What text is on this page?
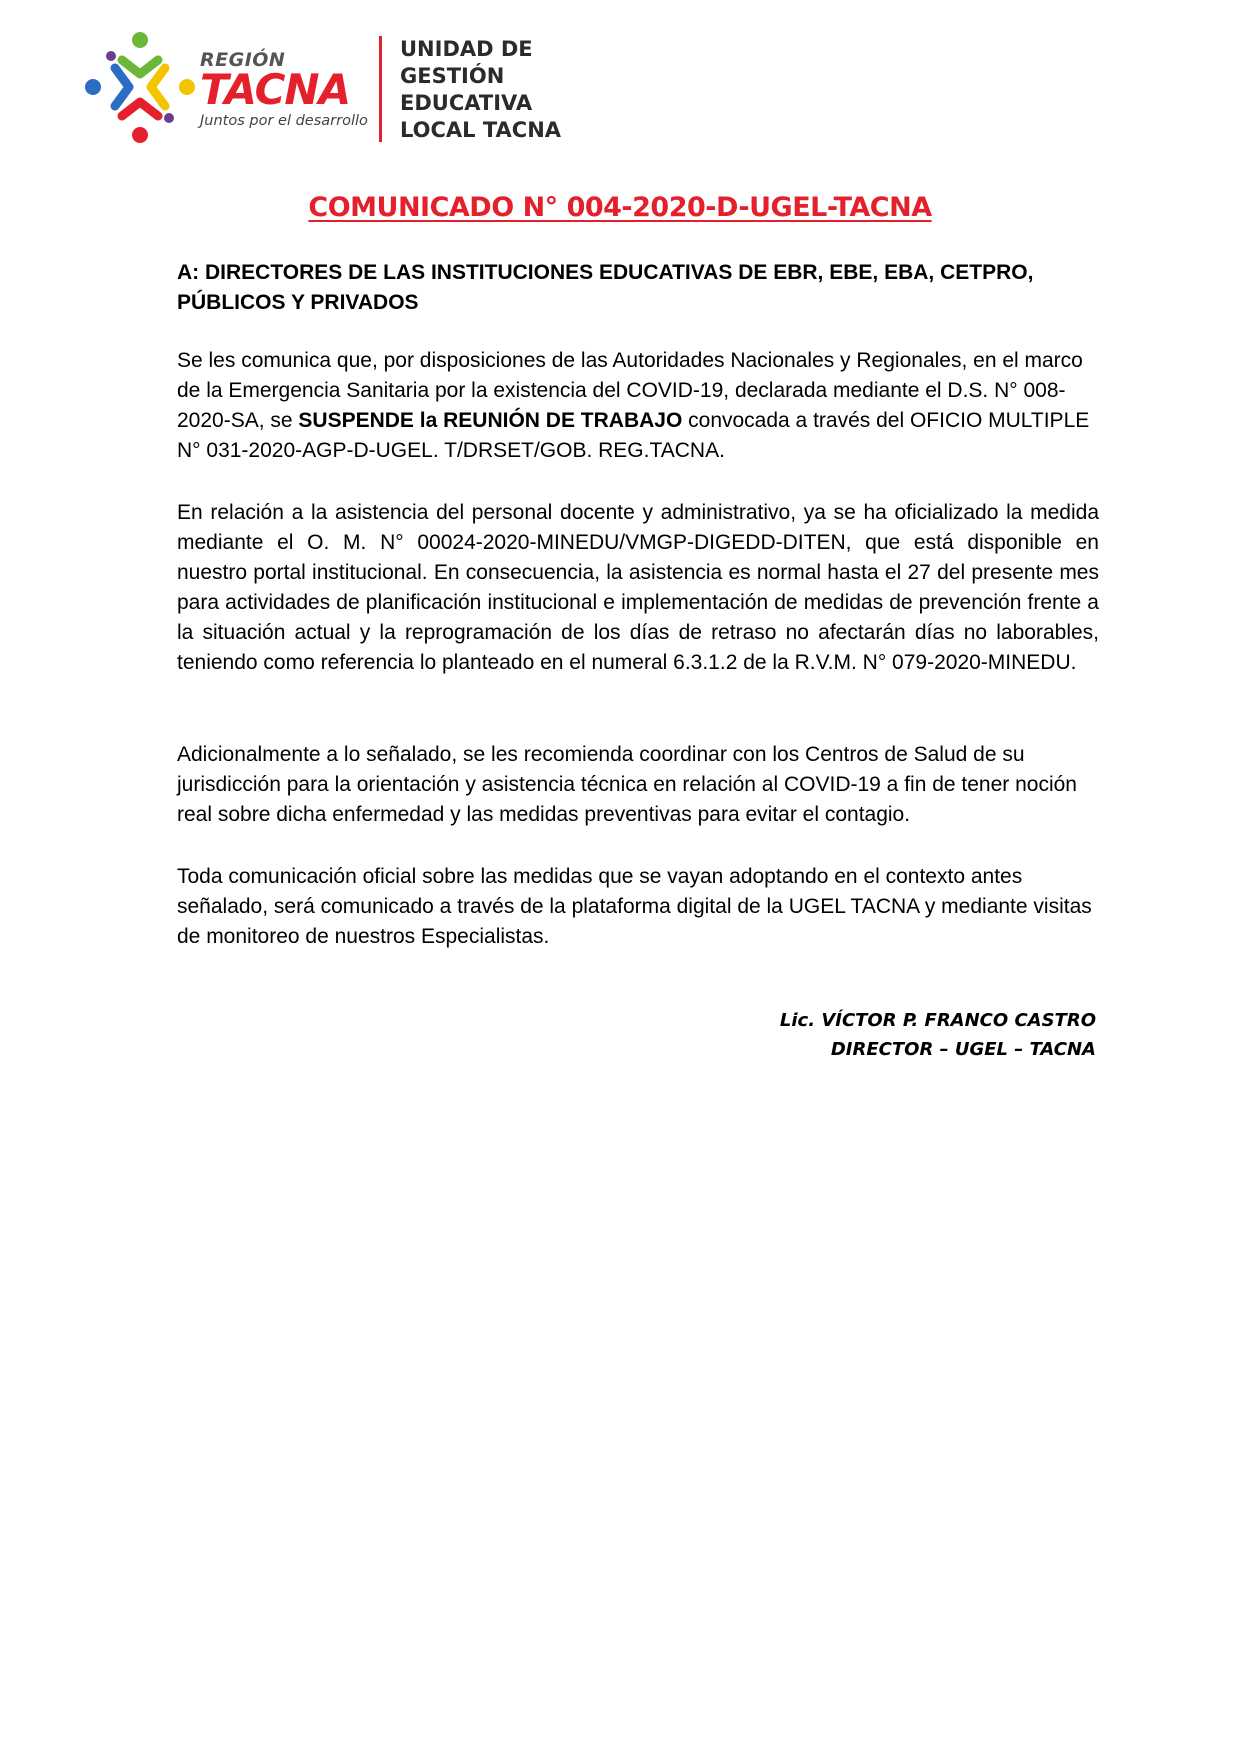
REGIÓN
TACNA
Juntos por el desarrollo
UNIDAD DE
GESTIÓN
EDUCATIVA
LOCAL TACNA
COMUNICADO N° 004-2020-D-UGEL-TACNA
A: DIRECTORES DE LAS INSTITUCIONES EDUCATIVAS DE EBR, EBE, EBA, CETPRO, PÚBLICOS Y PRIVADOS

Se les comunica que, por disposiciones de las Autoridades Nacionales y Regionales, en el marco de la Emergencia Sanitaria por la existencia del COVID-19, declarada mediante el D.S. N° 008-2020-SA, se SUSPENDE la REUNIÓN DE TRABAJO convocada a través del OFICIO MULTIPLE N° 031-2020-AGP-D-UGEL. T/DRSET/GOB. REG.TACNA.

En relación a la asistencia del personal docente y administrativo, ya se ha oficializado la medida mediante el O. M. N° 00024-2020-MINEDU/VMGP-DIGEDD-DITEN, que está disponible en nuestro portal institucional. En consecuencia, la asistencia es normal hasta el 27 del presente mes para actividades de planificación institucional e implementación de medidas de prevención frente a la situación actual y la reprogramación de los días de retraso no afectarán días no laborables, teniendo como referencia lo planteado en el numeral 6.3.1.2 de la R.V.M. N° 079-2020-MINEDU.

Adicionalmente a lo señalado, se les recomienda coordinar con los Centros de Salud de su jurisdicción para la orientación y asistencia técnica en relación al COVID-19 a fin de tener noción real sobre dicha enfermedad y las medidas preventivas para evitar el contagio.

Toda comunicación oficial sobre las medidas que se vayan adoptando en el contexto antes señalado, será comunicado a través de la plataforma digital de la UGEL TACNA y mediante visitas de monitoreo de nuestros Especialistas.

Lic. VÍCTOR P. FRANCO CASTRO
DIRECTOR – UGEL – TACNA
